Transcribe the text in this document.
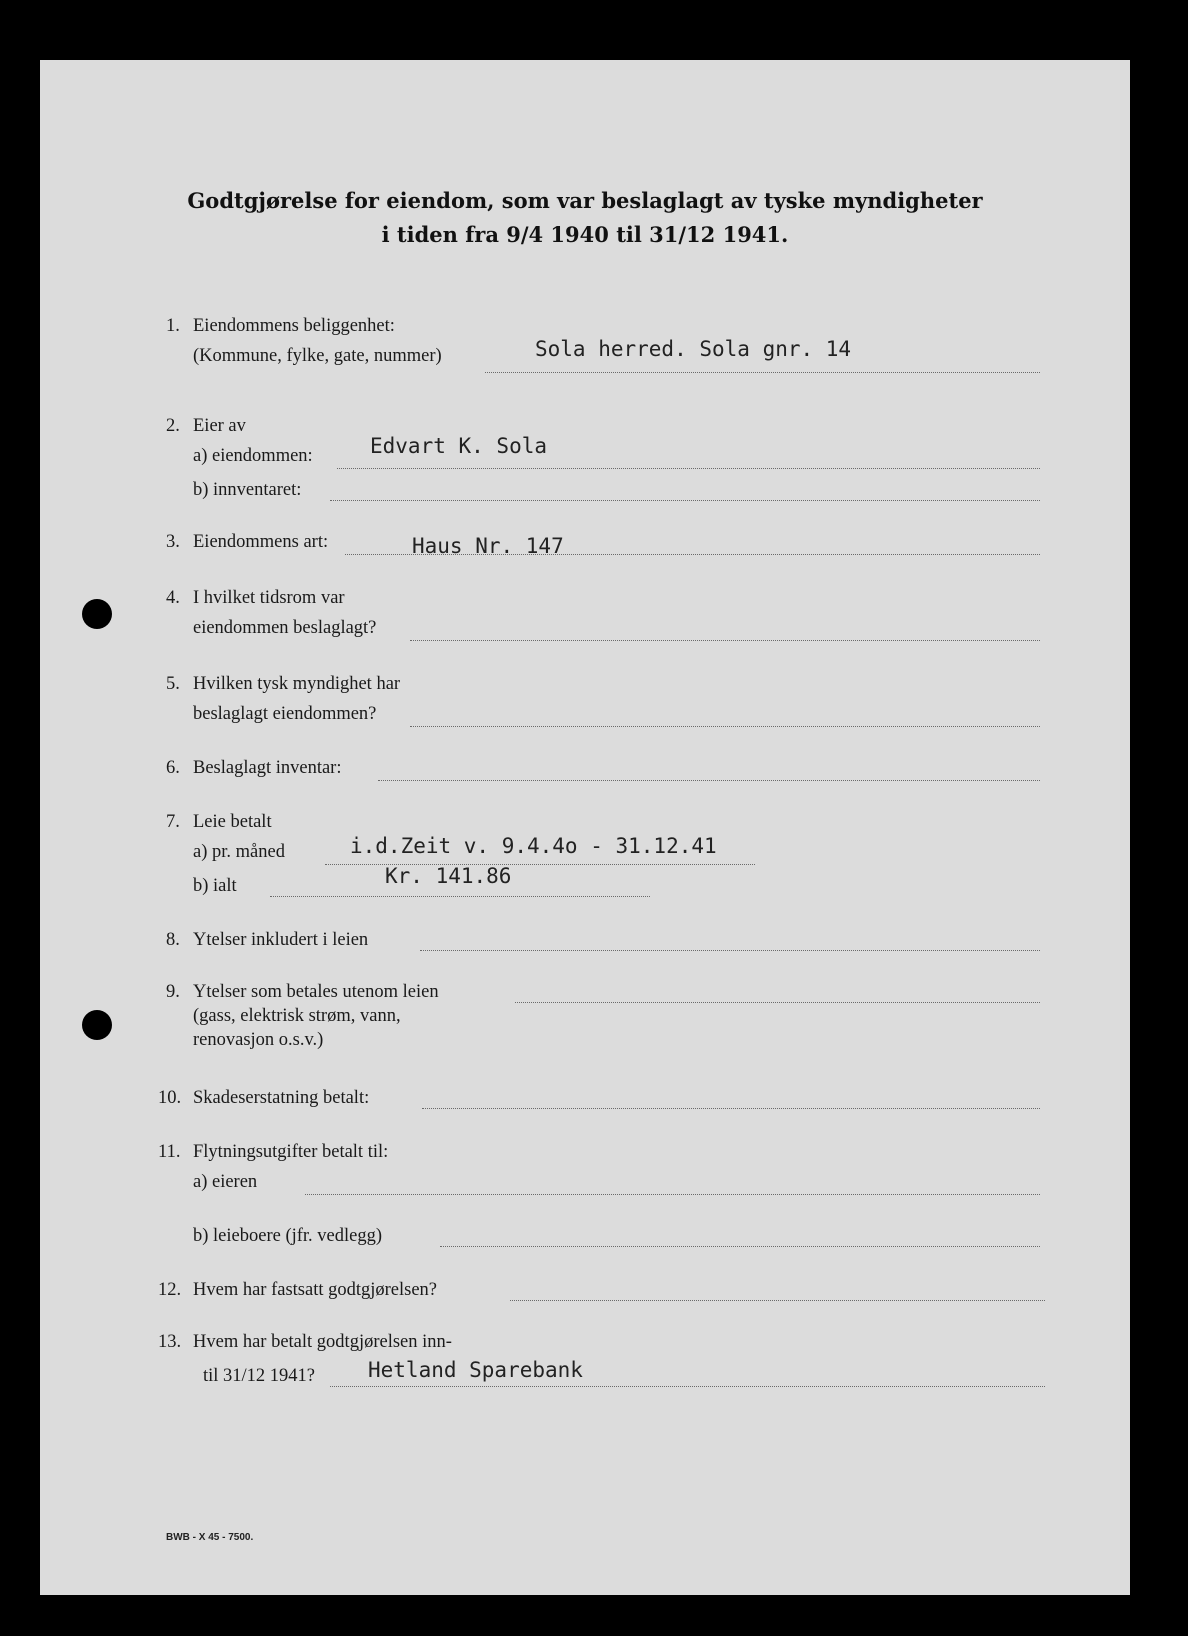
Godtgjørelse for eiendom, som var beslaglagt av tyske myndigheter
i tiden fra 9/4 1940 til 31/12 1941.
1. Eiendommens beliggenhet:
(Kommune, fylke, gate, nummer)	Sola herred. Sola gnr. 14
2. Eier av
a) eiendommen:	Edvart K. Sola
b) innventaret:
3. Eiendommens art:	Haus Nr. 147
4. I hvilket tidsrom var
eiendommen beslaglagt?
5. Hvilken tysk myndighet har
beslaglagt eiendommen?
6. Beslaglagt inventar:
7. Leie betalt
a) pr. måned	i.d.Zeit v. 9.4.4o - 31.12.41
b) ialt	Kr. 141.86
8. Ytelser inkludert i leien
9. Ytelser som betales utenom leien
(gass, elektrisk strøm, vann,
renovasjon o.s.v.)
10. Skadeserstatning betalt:
11. Flytningsutgifter betalt til:
a) eieren
b) leieboere (jfr. vedlegg)
12. Hvem har fastsatt godtgjørelsen?
13. Hvem har betalt godtgjørelsen inn-
til 31/12 1941?	Hetland Sparebank
BWB - X 45 - 7500.
